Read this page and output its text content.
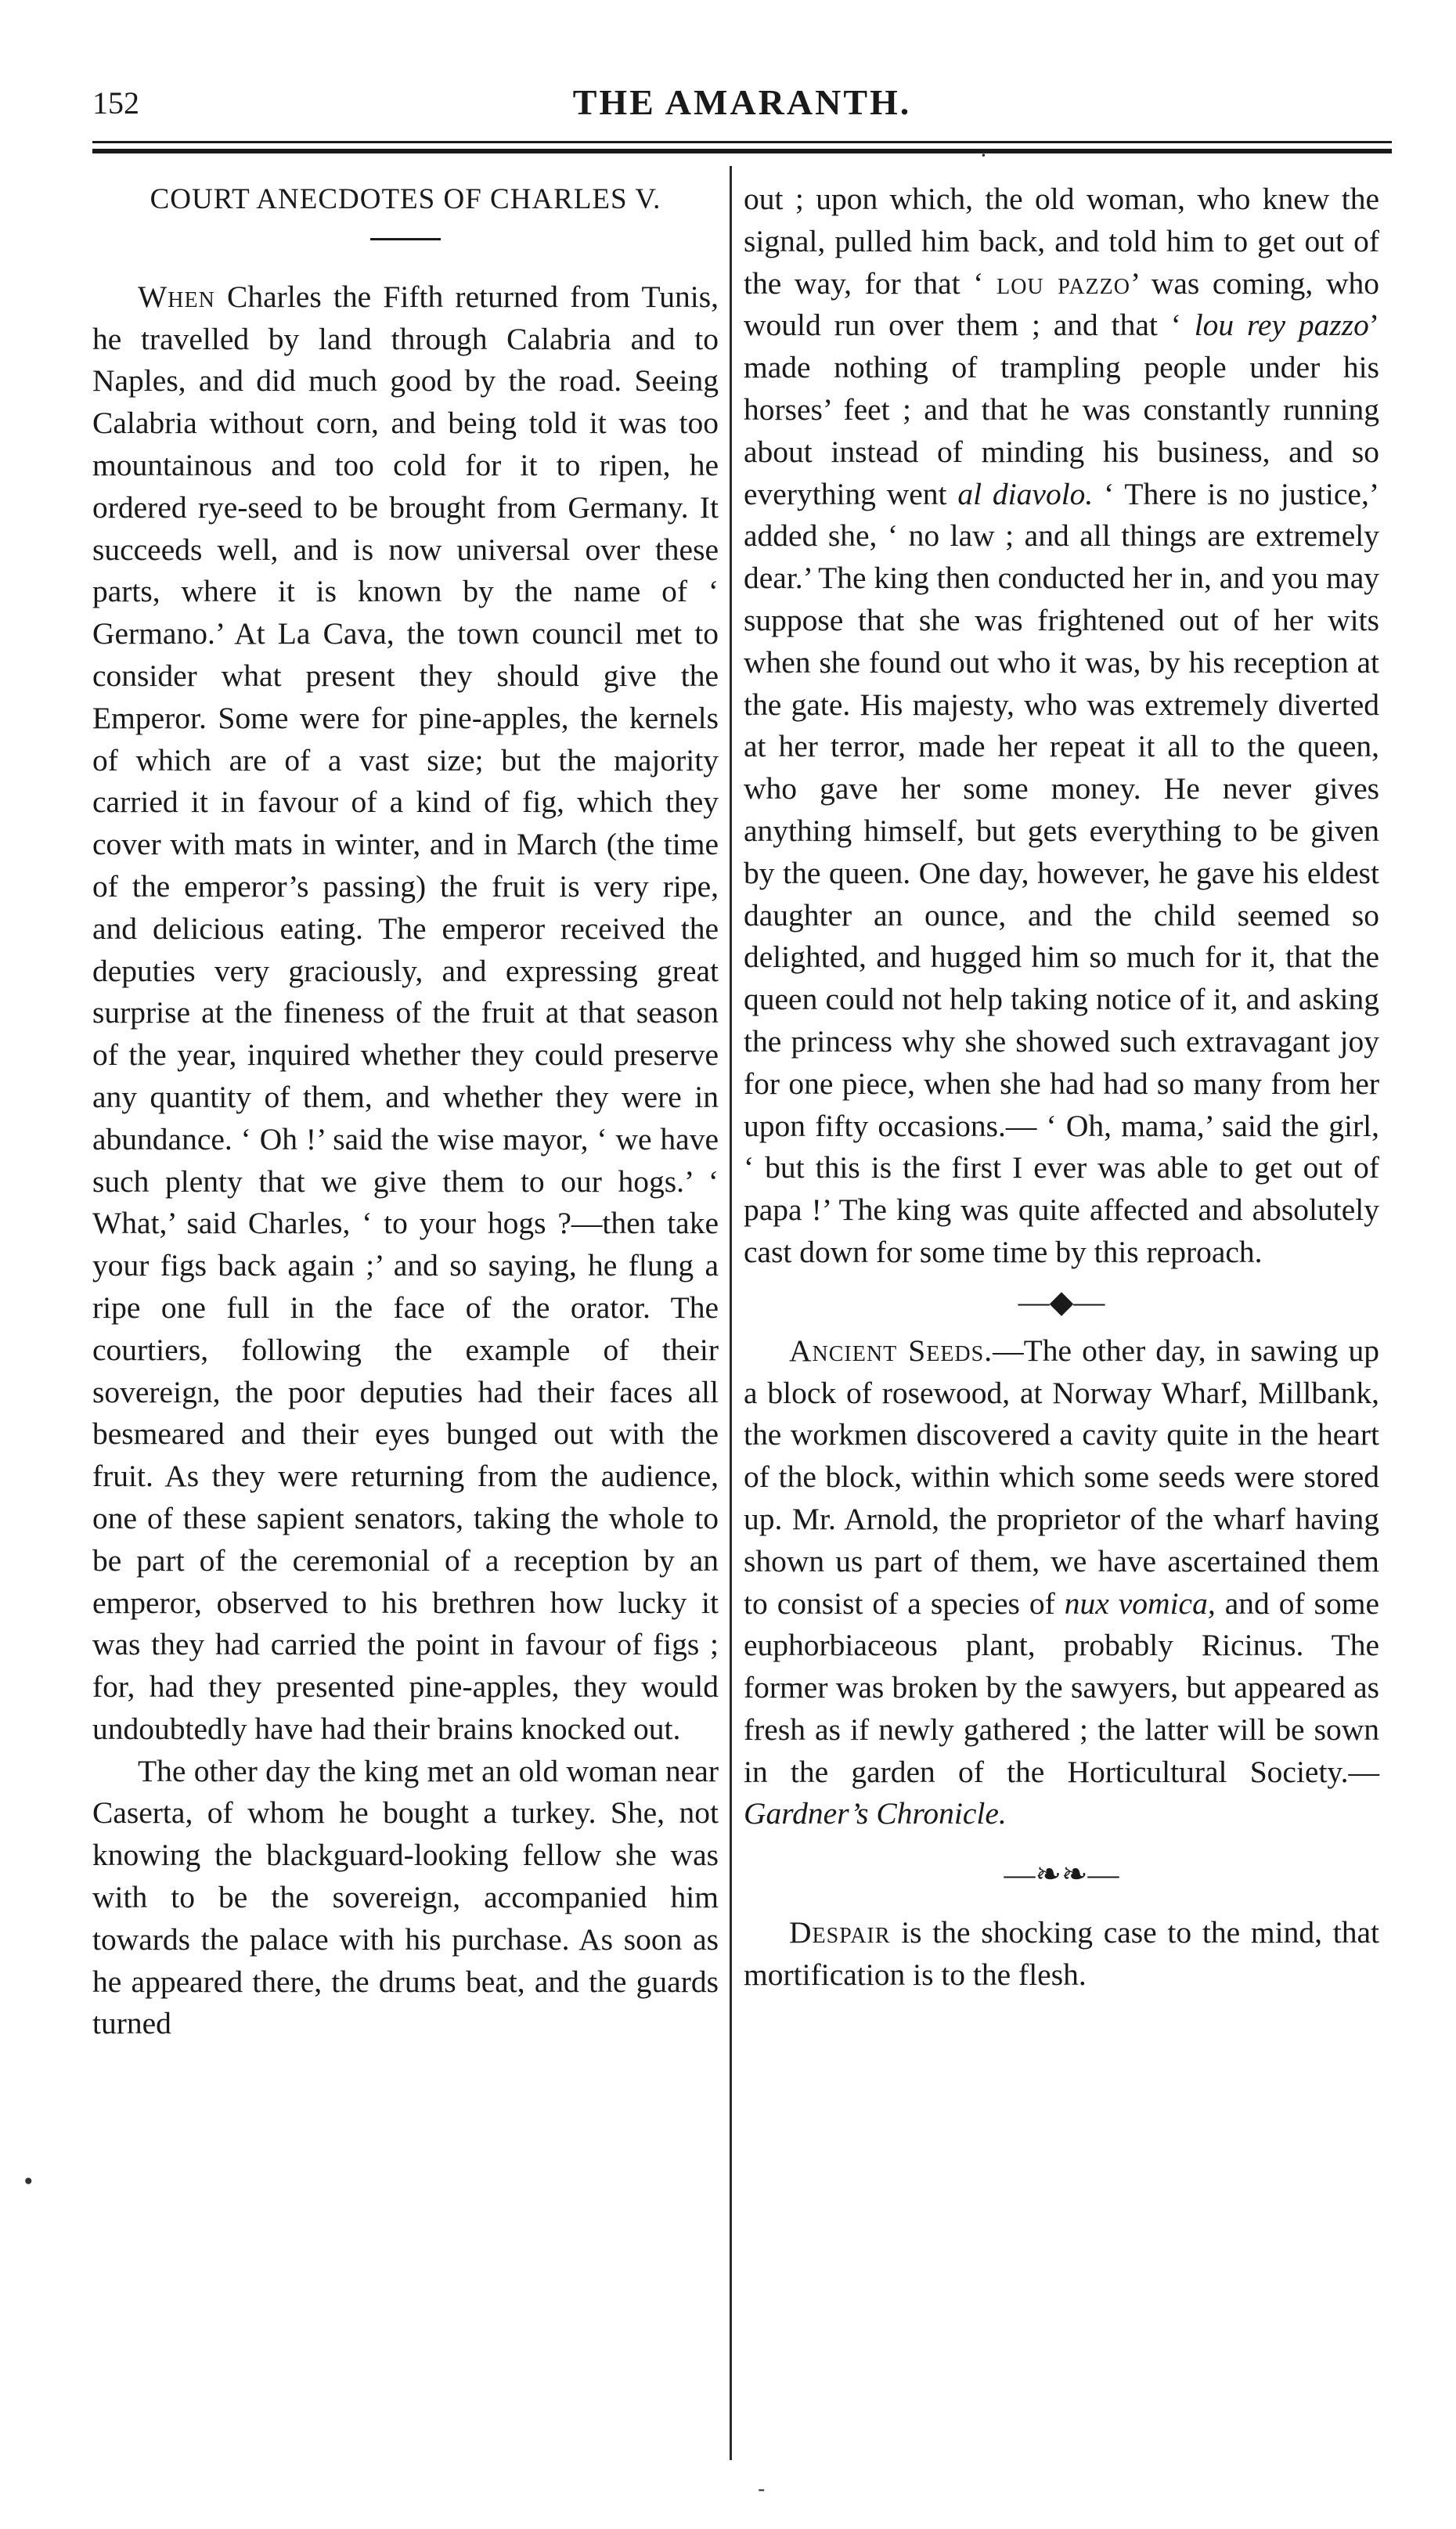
152	THE AMARANTH.

COURT ANECDOTES OF CHARLES V.

When Charles the Fifth returned from Tunis, he travelled by land through Calabria and to Naples, and did much good by the road. Seeing Calabria without corn, and being told it was too mountainous and too cold for it to ripen, he ordered rye-seed to be brought from Germany. It succeeds well, and is now universal over these parts, where it is known by the name of ‘ Germano.’ At La Cava, the town council met to consider what present they should give the Emperor. Some were for pine-apples, the kernels of which are of a vast size; but the majority carried it in favour of a kind of fig, which they cover with mats in winter, and in March (the time of the emperor’s passing) the fruit is very ripe, and delicious eating. The emperor received the deputies very graciously, and expressing great surprise at the fineness of the fruit at that season of the year, inquired whether they could preserve any quantity of them, and whether they were in abundance. ‘ Oh !’ said the wise mayor, ‘ we have such plenty that we give them to our hogs.’ ‘ What,’ said Charles, ‘ to your hogs ?—then take your figs back again ;’ and so saying, he flung a ripe one full in the face of the orator. The courtiers, following the example of their sovereign, the poor deputies had their faces all besmeared and their eyes bunged out with the fruit. As they were returning from the audience, one of these sapient senators, taking the whole to be part of the ceremonial of a reception by an emperor, observed to his brethren how lucky it was they had carried the point in favour of figs ; for, had they presented pine-apples, they would undoubtedly have had their brains knocked out.

The other day the king met an old woman near Caserta, of whom he bought a turkey. She, not knowing the blackguard-looking fellow she was with to be the sovereign, accompanied him towards the palace with his purchase. As soon as he appeared there, the drums beat, and the guards turned

out ; upon which, the old woman, who knew the signal, pulled him back, and told him to get out of the way, for that ‘ lou pazzo’ was coming, who would run over them ; and that ‘ lou rey pazzo’ made nothing of trampling people under his horses’ feet ; and that he was constantly running about instead of minding his business, and so everything went al diavolo. ‘ There is no justice,’ added she, ‘ no law ; and all things are extremely dear.’ The king then conducted her in, and you may suppose that she was frightened out of her wits when she found out who it was, by his reception at the gate. His majesty, who was extremely diverted at her terror, made her repeat it all to the queen, who gave her some money. He never gives anything himself, but gets everything to be given by the queen. One day, however, he gave his eldest daughter an ounce, and the child seemed so delighted, and hugged him so much for it, that the queen could not help taking notice of it, and asking the princess why she showed such extravagant joy for one piece, when she had had so many from her upon fifty occasions.— ‘ Oh, mama,’ said the girl, ‘ but this is the first I ever was able to get out of papa !’ The king was quite affected and absolutely cast down for some time by this reproach.

—◆—

Ancient Seeds.—The other day, in sawing up a block of rosewood, at Norway Wharf, Millbank, the workmen discovered a cavity quite in the heart of the block, within which some seeds were stored up. Mr. Arnold, the proprietor of the wharf having shown us part of them, we have ascertained them to consist of a species of nux vomica, and of some euphorbiaceous plant, probably Ricinus. The former was broken by the sawyers, but appeared as fresh as if newly gathered ; the latter will be sown in the garden of the Horticultural Society.—Gardner’s Chronicle.

—❧❧—

Despair is the shocking case to the mind, that mortification is to the flesh.

•
·
-
